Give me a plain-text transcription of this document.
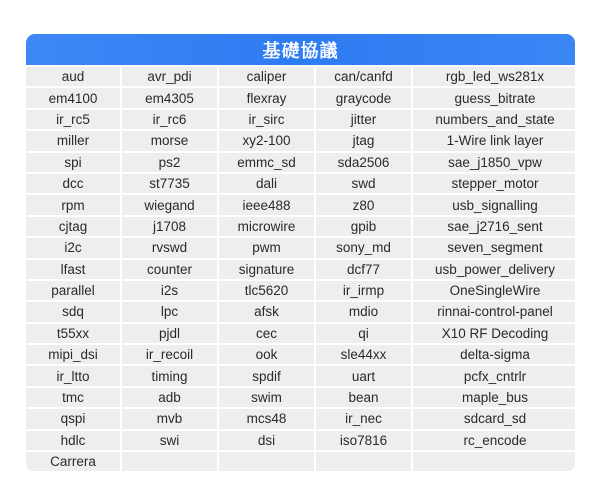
基礎協議
aud	avr_pdi	caliper	can/canfd	rgb_led_ws281x
em4100	em4305	flexray	graycode	guess_bitrate
ir_rc5	ir_rc6	ir_sirc	jitter	numbers_and_state
miller	morse	xy2-100	jtag	1-Wire link layer
spi	ps2	emmc_sd	sda2506	sae_j1850_vpw
dcc	st7735	dali	swd	stepper_motor
rpm	wiegand	ieee488	z80	usb_signalling
cjtag	j1708	microwire	gpib	sae_j2716_sent
i2c	rvswd	pwm	sony_md	seven_segment
lfast	counter	signature	dcf77	usb_power_delivery
parallel	i2s	tlc5620	ir_irmp	OneSingleWire
sdq	lpc	afsk	mdio	rinnai-control-panel
t55xx	pjdl	cec	qi	X10 RF Decoding
mipi_dsi	ir_recoil	ook	sle44xx	delta-sigma
ir_ltto	timing	spdif	uart	pcfx_cntrlr
tmc	adb	swim	bean	maple_bus
qspi	mvb	mcs48	ir_nec	sdcard_sd
hdlc	swi	dsi	iso7816	rc_encode
Carrera
